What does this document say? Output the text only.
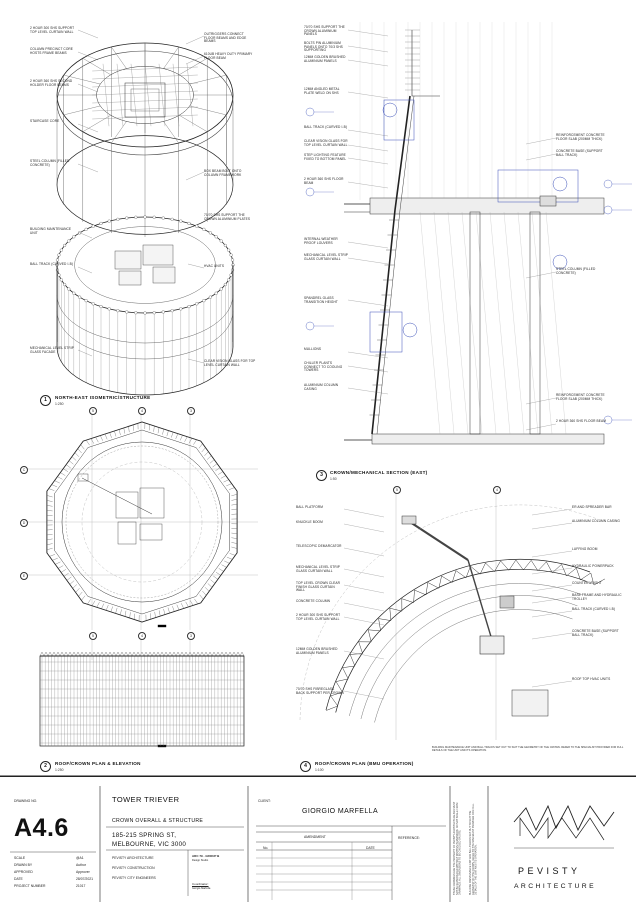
2 HOUR 300 SHS SUPPORT TOP LEVEL CURTAIN WALL
COLUMN PRECINCT CORE HOSTS FRAME BEAMS
2 HOUR 360 SHS SECOND HOLDER FLOOR BEAMS
STAIRCASE CORE
STEEL COLUMN (FILLED CONCRETE)
BUILDING MAINTENANCE UNIT
BALL TRACK (CURVED I-B)
MECHANICAL LEVEL STRIP GLASS FACADE
OUTRIGGERS CONNECT FLOOR BEAMS AND EDGE BEAMS
610UB HEAVY DUTY PRIMARY FLOOR BEAM
BOX BEAM BOLT ONTO COLUMN FRAMEWORK
70/70 SHS SUPPORT THE CROWN ALUMINIUM PLATES
HVAC UNITS
CLEAR VISION GLASS FOR TOP LEVEL CURTAIN WALL
1	NORTH-EAST ISOMETRIC/STRUCTURE
1:250
5	4	3
C
D
E
5	4	3
2	ROOF/CROWN PLAN & ELEVATION
1:250
70/70 SHS SUPPORT THE CROWN ALUMINIUM PANELS
BOLTS PIN ALUMINIUM PANELS ONTO 70/3 SHS SUPPORTING
12MM GOLDEN BRUSHED ALUMINIUM PANELS
12MM ANGLED METAL PLATE WELD ON SHS
BALL TRACK (CURVED I-B)
CLEAR VISION GLASS FOR TOP LEVEL CURTAIN WALL
STEP LIGHTING FEATURE FIXED TO BOTTOM PANEL
2 HOUR 360 SHS FLOOR BEAM
INTERNAL WEATHER PROOF LOUVERS
MECHANICAL LEVEL STRIP GLASS CURTAIN WALL
SPANDREL GLASS TRANSITION HEIGHT
MULLIONS
CHILLER PLANTS CONNECT TO COOLING TOWERS
ALUMINIUM COLUMN CASING
REINFORCEMENT CONCRETE FLOOR SLAB (200MM THICK)
CONCRETE BASE (SUPPORT BALL TRACK)
STEEL COLUMN (FILLED CONCRETE)
REINFORCEMENT CONCRETE FLOOR SLAB (200MM THICK)
2 HOUR 360 SHS FLOOR BEAM
3	CROWN/MECHANICAL SECTION (EAST)
1:50
5	4
BALL PLATFORM
KNUCKLE BOOM
TELESCOPIC DEMARCATOR
MECHANICAL LEVEL STRIP GLASS CURTAIN WALL
TOP LEVEL CROWN CLEAR FINISH GLASS CURTAIN WALL
CONCRETE COLUMN
2 HOUR 300 SHS SUPPORT TOP LEVEL CURTAIN WALL
12MM GOLDEN BRUSHED ALUMINIUM PANELS
70/70 SHS FIBREGLASS BACK SUPPORT PER CROWN
ER AND SPREADER BAR
ALUMINIUM COLUMN CASING
LUFFING BOOM
HYDRAULIC POWERPACK
COUNTERWEIGHT
BASE FRAME AND HYDRAULIC TROLLEY
BALL TRACK (CURVED I-B)
CONCRETE BASE (SUPPORT BALL TRACK)
ROOF TOP HVAC UNITS
BUILDING MAINTENANCE UNIT AND BALL TRACKS SET OUT TO SUIT THE GEOMETRY OF THE CROWN. REFER TO THE SPECIALIST PROVIDER FOR FULL DETAILS OF THE UNIT AND ITS OPERATION.
4	ROOF/CROWN PLAN (BMU OPERATION)
1:100
DRAWING NO.
A4.6
SCALE	@A1
DRAWN BY	Author
APPROVED	Approver
DATE	28/07/2021
PROJECT NUMBER	21017
TOWER TRIEVER
CROWN OVERALL & STRUCTURE
185-215 SPRING ST,
MELBOURNE, VIC 3000
PEVISTY ARCHITECTURE
PEVISTY CONSTRUCTION
PEVISTY CITY ENGINEERS
ARC 79 - GROUP B
Design Studio
Coordinator:
Giorgio Marfella
CLIENT:
GIORGIO MARFELLA
AMENDMENT
No.	DATE
REFERENCE:	THESE DRAWINGS ARE THE PROPERTY OF PEVISTY ARCHITECTURE AND MUST NOT BE REPRODUCED WITHOUT WRITTEN PERMISSION. DO NOT SCALE FROM DRAWINGS. ALL DIMENSIONS TO BE CHECKED ON SITE.	BUILDING MAINTENANCE UNIT AND BALL TRACKS SET OUT TO SUIT THE GEOMETRY OF THE CROWN. REFER TO THE SPECIALIST PROVIDER FOR FULL DETAILS OF THE UNIT AND ITS OPERATION.	PEVISTY
ARCHITECTURE
